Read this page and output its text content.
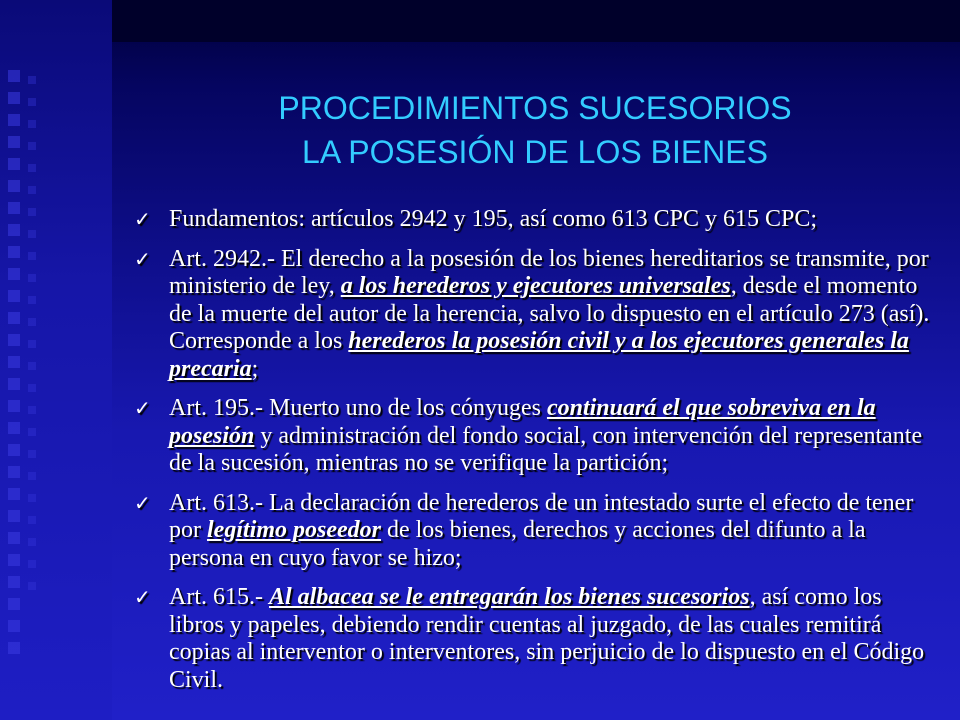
PROCEDIMIENTOS SUCESORIOS
LA POSESIÓN DE LOS BIENES
✓ Fundamentos: artículos 2942 y 195, así como 613 CPC y 615 CPC;
✓ Art. 2942.- El derecho a la posesión de los bienes hereditarios se transmite, por ministerio de ley, a los herederos y ejecutores universales, desde el momento de la muerte del autor de la herencia, salvo lo dispuesto en el artículo 273 (así). Corresponde a los herederos la posesión civil y a los ejecutores generales la precaria;
✓ Art. 195.- Muerto uno de los cónyuges continuará el que sobreviva en la posesión y administración del fondo social, con intervención del representante de la sucesión, mientras no se verifique la partición;
✓ Art. 613.- La declaración de herederos de un intestado surte el efecto de tener por legítimo poseedor de los bienes, derechos y acciones del difunto a la persona en cuyo favor se hizo;
✓ Art. 615.- Al albacea se le entregarán los bienes sucesorios, así como los libros y papeles, debiendo rendir cuentas al juzgado, de las cuales remitirá copias al interventor o interventores, sin perjuicio de lo dispuesto en el Código Civil.
